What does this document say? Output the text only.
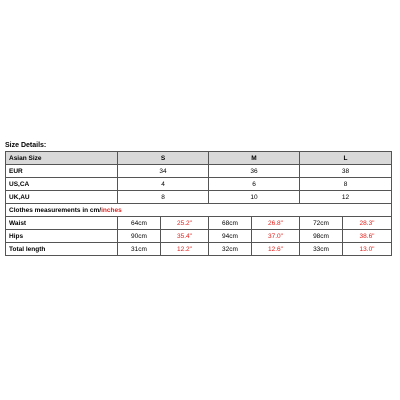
Size Details:
Asian Size	S		M		L	
EUR	34		36		38	
US,CA	4		6		8	
UK,AU	8		10		12	
Clothes measurements in cm/inches						
Waist	64cm	25.2"	68cm	26.8"	72cm	28.3"
Hips	90cm	35.4"	94cm	37.0"	98cm	38.6"
Total length	31cm	12.2"	32cm	12.6"	33cm	13.0"
